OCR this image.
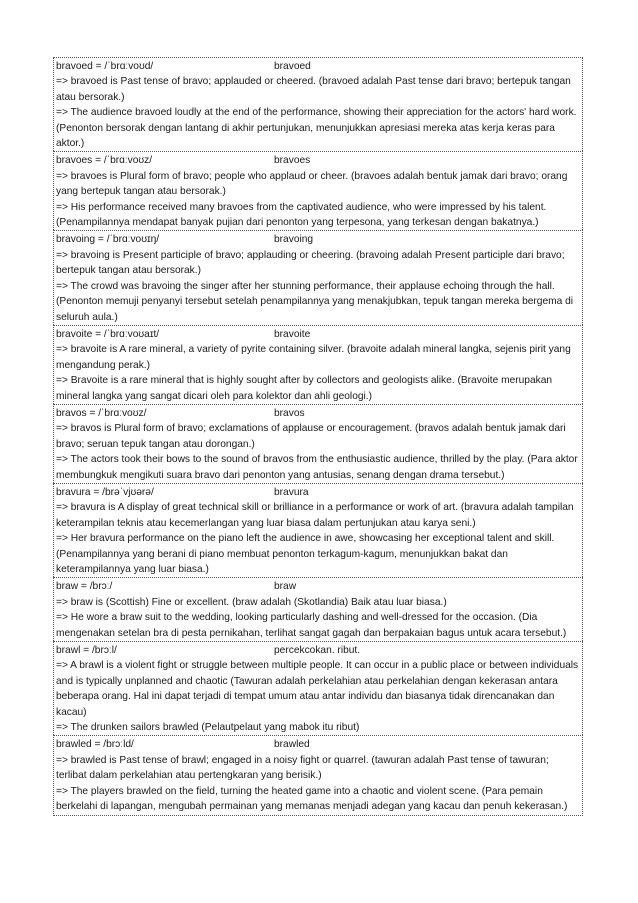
bravoed = /ˈbrɑːvoʊd/	bravoed

=> bravoed is Past tense of bravo; applauded or cheered. (bravoed adalah Past tense dari bravo; bertepuk tangan atau bersorak.)

=> The audience bravoed loudly at the end of the performance, showing their appreciation for the actors' hard work. (Penonton bersorak dengan lantang di akhir pertunjukan, menunjukkan apresiasi mereka atas kerja keras para aktor.)

bravoes = /ˈbrɑːvoʊz/	bravoes

=> bravoes is Plural form of bravo; people who applaud or cheer. (bravoes adalah bentuk jamak dari bravo; orang yang bertepuk tangan atau bersorak.)

=> His performance received many bravoes from the captivated audience, who were impressed by his talent. (Penampilannya mendapat banyak pujian dari penonton yang terpesona, yang terkesan dengan bakatnya.)

bravoing = /ˈbrɑːvoʊɪŋ/	bravoing

=> bravoing is Present participle of bravo; applauding or cheering. (bravoing adalah Present participle dari bravo; bertepuk tangan atau bersorak.)

=> The crowd was bravoing the singer after her stunning performance, their applause echoing through the hall. (Penonton memuji penyanyi tersebut setelah penampilannya yang menakjubkan, tepuk tangan mereka bergema di seluruh aula.)

bravoite = /ˈbrɑːvoʊaɪt/	bravoite

=> bravoite is A rare mineral, a variety of pyrite containing silver. (bravoite adalah mineral langka, sejenis pirit yang mengandung perak.)

=> Bravoite is a rare mineral that is highly sought after by collectors and geologists alike. (Bravoite merupakan mineral langka yang sangat dicari oleh para kolektor dan ahli geologi.)

bravos = /ˈbrɑːvoʊz/	bravos

=> bravos is Plural form of bravo; exclamations of applause or encouragement. (bravos adalah bentuk jamak dari bravo; seruan tepuk tangan atau dorongan.)

=> The actors took their bows to the sound of bravos from the enthusiastic audience, thrilled by the play. (Para aktor membungkuk mengikuti suara bravo dari penonton yang antusias, senang dengan drama tersebut.)

bravura = /brəˈvjʊərə/	bravura

=> bravura is A display of great technical skill or brilliance in a performance or work of art. (bravura adalah tampilan keterampilan teknis atau kecemerlangan yang luar biasa dalam pertunjukan atau karya seni.)

=> Her bravura performance on the piano left the audience in awe, showcasing her exceptional talent and skill. (Penampilannya yang berani di piano membuat penonton terkagum-kagum, menunjukkan bakat dan keterampilannya yang luar biasa.)

braw = /brɔː/	braw

=> braw is (Scottish) Fine or excellent. (braw adalah (Skotlandia) Baik atau luar biasa.)

=> He wore a braw suit to the wedding, looking particularly dashing and well-dressed for the occasion. (Dia mengenakan setelan bra di pesta pernikahan, terlihat sangat gagah dan berpakaian bagus untuk acara tersebut.)

brawl = /brɔːl/	percekcokan. ribut.

=> A brawl is a violent fight or struggle between multiple people. It can occur in a public place or between individuals and is typically unplanned and chaotic (Tawuran adalah perkelahian atau perkelahian dengan kekerasan antara beberapa orang. Hal ini dapat terjadi di tempat umum atau antar individu dan biasanya tidak direncanakan dan kacau)

=> The drunken sailors brawled (Pelautpelaut yang mabok itu ribut)

brawled = /brɔːld/	brawled

=> brawled is Past tense of brawl; engaged in a noisy fight or quarrel. (tawuran adalah Past tense of tawuran; terlibat dalam perkelahian atau pertengkaran yang berisik.)

=> The players brawled on the field, turning the heated game into a chaotic and violent scene. (Para pemain berkelahi di lapangan, mengubah permainan yang memanas menjadi adegan yang kacau dan penuh kekerasan.)
